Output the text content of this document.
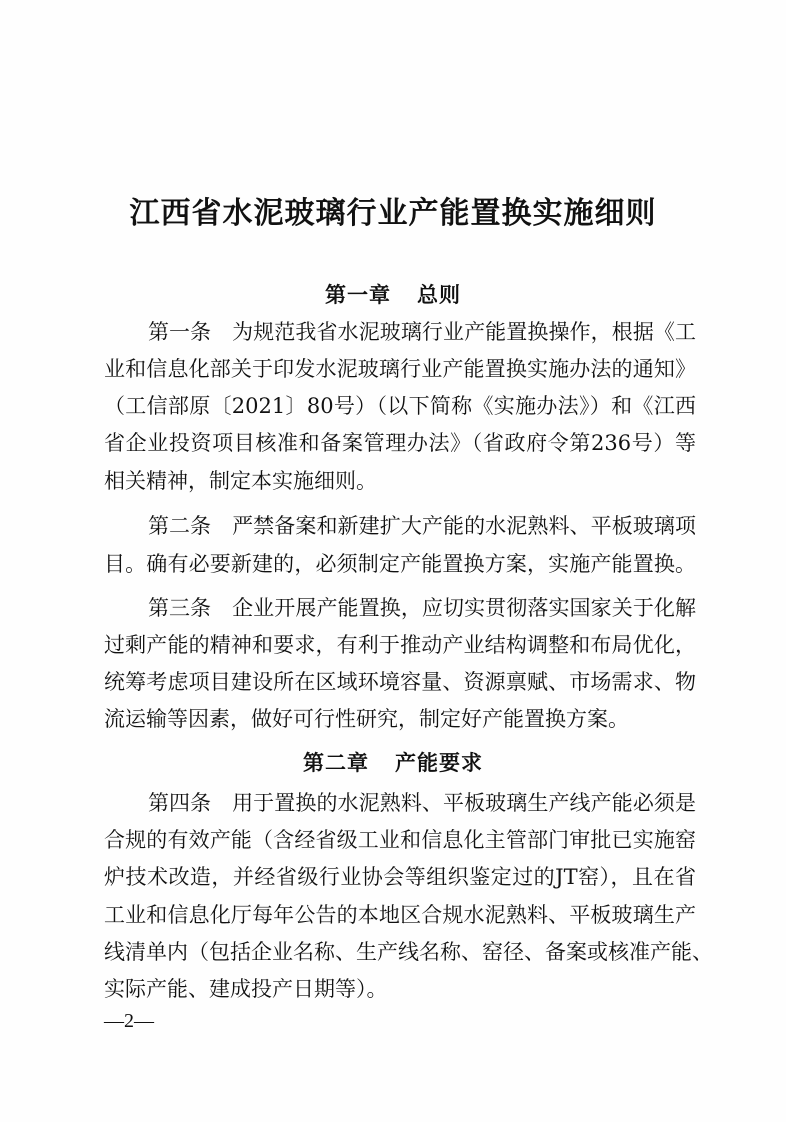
江西省水泥玻璃行业产能置换实施细则
第一章 总则
第一条 为规范我省水泥玻璃行业产能置换操作，根据《工
业和信息化部关于印发水泥玻璃行业产能置换实施办法的通知》
（工信部原〔2021〕80号）（以下简称《实施办法》）和《江西
省企业投资项目核准和备案管理办法》（省政府令第236号）等
相关精神，制定本实施细则。
第二条 严禁备案和新建扩大产能的水泥熟料、平板玻璃项
目。确有必要新建的，必须制定产能置换方案，实施产能置换。
第三条 企业开展产能置换，应切实贯彻落实国家关于化解
过剩产能的精神和要求，有利于推动产业结构调整和布局优化，
统筹考虑项目建设所在区域环境容量、资源禀赋、市场需求、物
流运输等因素，做好可行性研究，制定好产能置换方案。
第二章 产能要求
第四条 用于置换的水泥熟料、平板玻璃生产线产能必须是
合规的有效产能（含经省级工业和信息化主管部门审批已实施窑
炉技术改造，并经省级行业协会等组织鉴定过的JT窑），且在省
工业和信息化厅每年公告的本地区合规水泥熟料、平板玻璃生产
线清单内（包括企业名称、生产线名称、窑径、备案或核准产能、
实际产能、建成投产日期等）。
—2—
